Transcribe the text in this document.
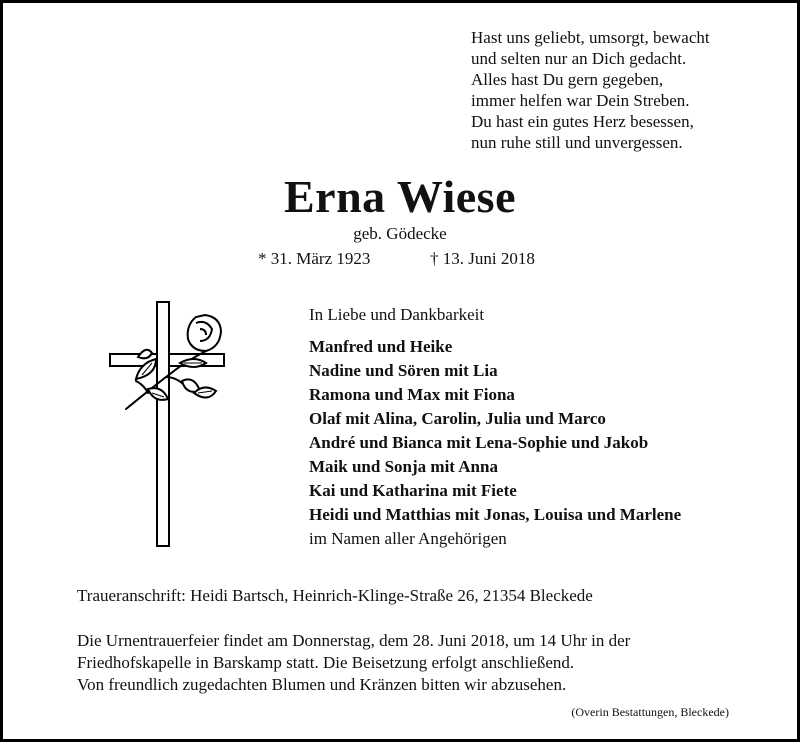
Hast uns geliebt, umsorgt, bewacht
und selten nur an Dich gedacht.
Alles hast Du gern gegeben,
immer helfen war Dein Streben.
Du hast ein gutes Herz besessen,
nun ruhe still und unvergessen.
Erna Wiese
geb. Gödecke
* 31. März 1923	† 13. Juni 2018
In Liebe und Dankbarkeit
Manfred und Heike
Nadine und Sören mit Lia
Ramona und Max mit Fiona
Olaf mit Alina, Carolin, Julia und Marco
André und Bianca mit Lena-Sophie und Jakob
Maik und Sonja mit Anna
Kai und Katharina mit Fiete
Heidi und Matthias mit Jonas, Louisa und Marlene
im Namen aller Angehörigen
Traueranschrift: Heidi Bartsch, Heinrich-Klinge-Straße 26, 21354 Bleckede
Die Urnentrauerfeier findet am Donnerstag, dem 28. Juni 2018, um 14 Uhr in der
Friedhofskapelle in Barskamp statt. Die Beisetzung erfolgt anschließend.
Von freundlich zugedachten Blumen und Kränzen bitten wir abzusehen.
(Overin Bestattungen, Bleckede)
